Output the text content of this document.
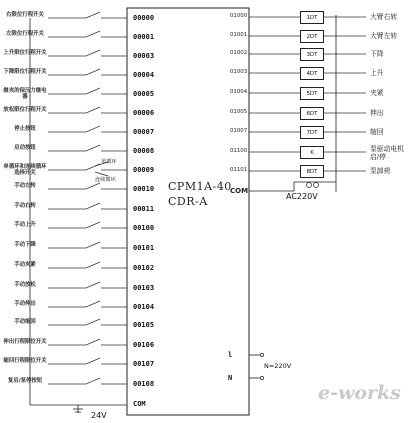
右限位行程开关	00000
左限位行程开关	00001
上升限位行程开关	00003
下降限位行程开关	00004
继夹的保压力继电器	00005
放松限位行程开关	00006
停止按钮	00007
启动按钮	00008
单循环和连续循环选择开关	00009
手动左转	00010
手动右转	00011
手动上升	00100
手动下降	00101
手动夹紧	00102
手动放松	00103
手动伸出	00104
手动缩回	00105
伸出行程限位开关	00106
缩回行程限位开关	00107
复启/泵停按钮	00108
01000	1DT	大臂右转
01001	2DT	大臂左转
01002	3DT	下降
01003	4DT	上升
01004	5DT	夹紧
01005	6DT	伸出
01007	7DT	缩回
01100	K	泵驱动电机启/停
01101	8DT	泵卸荷
CPM1A-40
CDR-A
COM
24V
单循环
连续循环
COM
AC220V
l
N
N=220V
e-works
